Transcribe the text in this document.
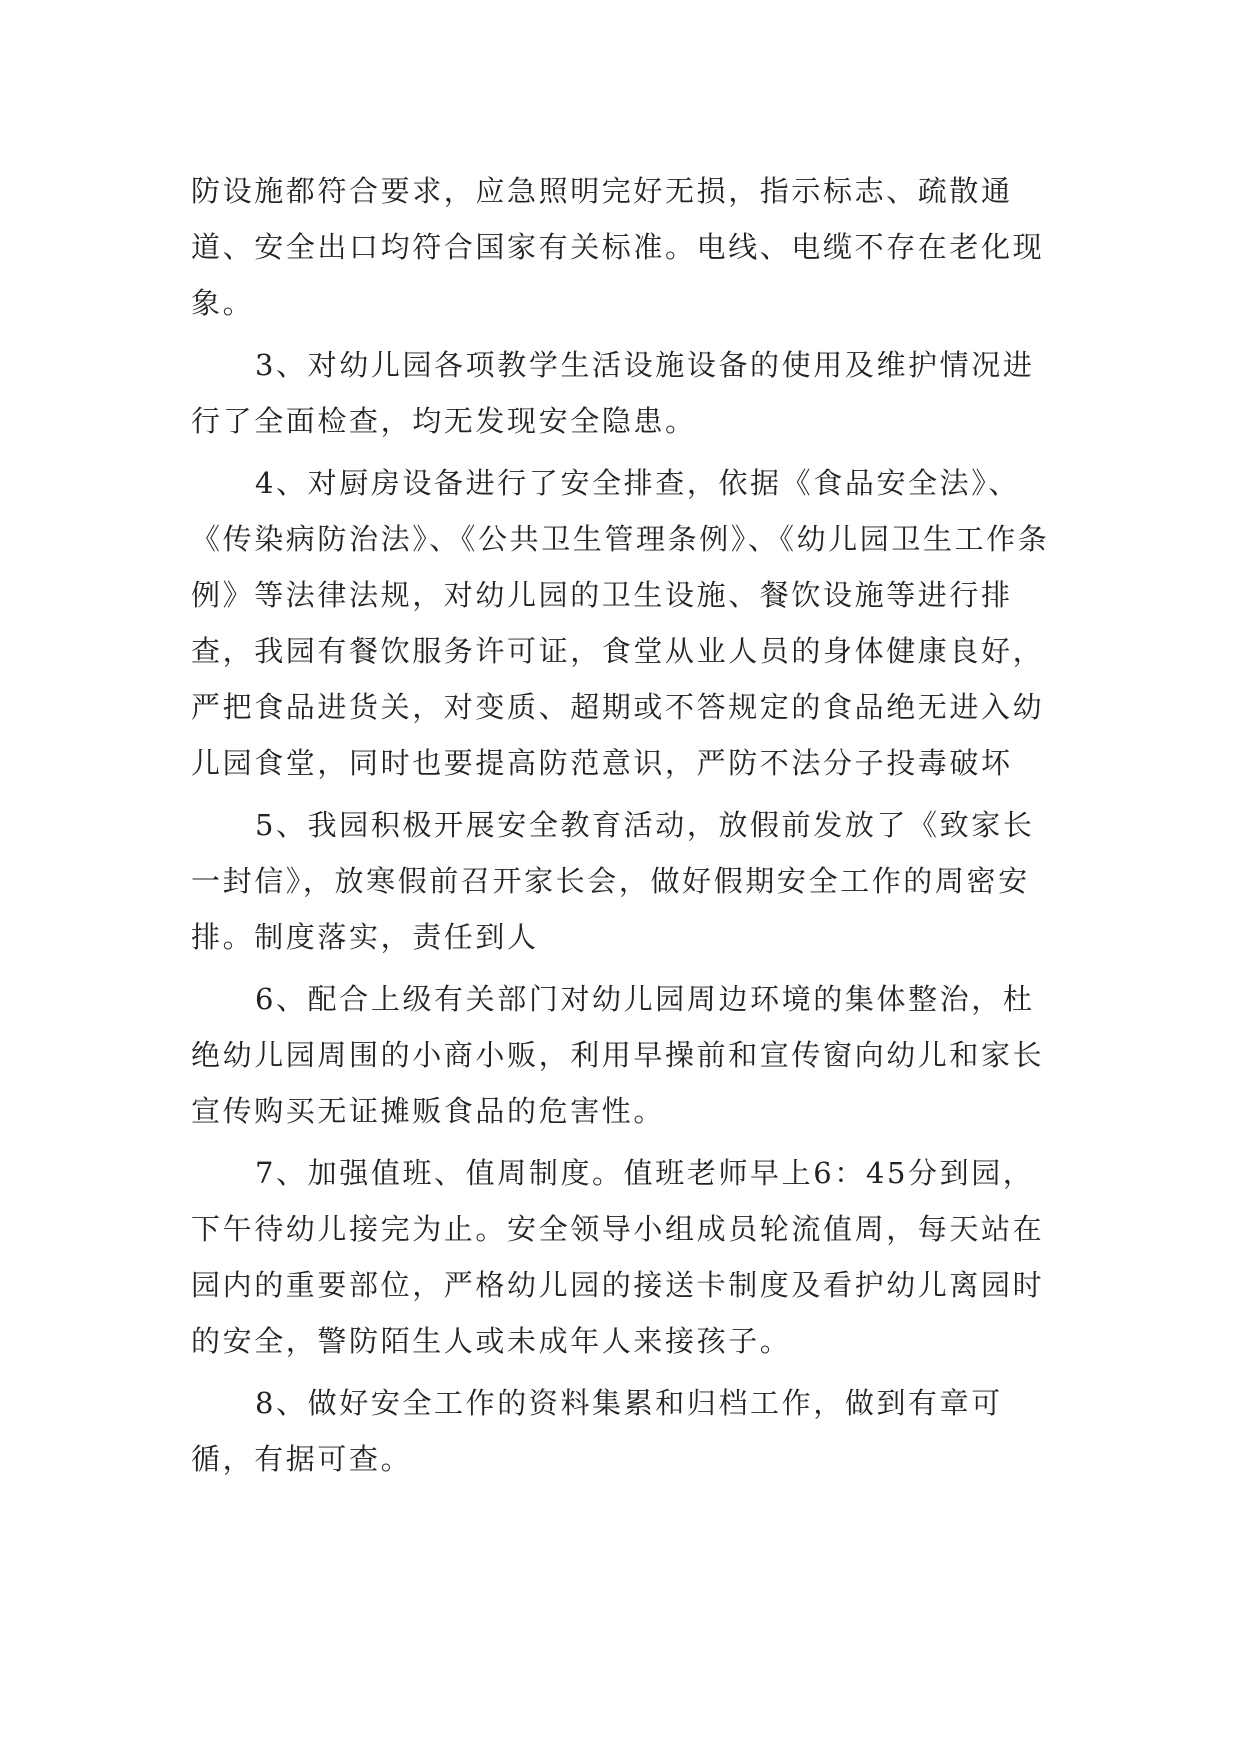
防设施都符合要求，应急照明完好无损，指示标志、疏散通道、安全出口均符合国家有关标准。电线、电缆不存在老化现象。

3、对幼儿园各项教学生活设施设备的使用及维护情况进行了全面检查，均无发现安全隐患。

4、对厨房设备进行了安全排查，依据《食品安全法》、《传染病防治法》、《公共卫生管理条例》、《幼儿园卫生工作条例》等法律法规，对幼儿园的卫生设施、餐饮设施等进行排查，我园有餐饮服务许可证，食堂从业人员的身体健康良好，严把食品进货关，对变质、超期或不答规定的食品绝无进入幼儿园食堂，同时也要提高防范意识，严防不法分子投毒破坏

5、我园积极开展安全教育活动，放假前发放了《致家长一封信》，放寒假前召开家长会，做好假期安全工作的周密安排。制度落实，责任到人

6、配合上级有关部门对幼儿园周边环境的集体整治，杜绝幼儿园周围的小商小贩，利用早操前和宣传窗向幼儿和家长宣传购买无证摊贩食品的危害性。

7、加强值班、值周制度。值班老师早上6：45分到园，下午待幼儿接完为止。安全领导小组成员轮流值周，每天站在园内的重要部位，严格幼儿园的接送卡制度及看护幼儿离园时的安全，警防陌生人或未成年人来接孩子。

8、做好安全工作的资料集累和归档工作，做到有章可循，有据可查。
